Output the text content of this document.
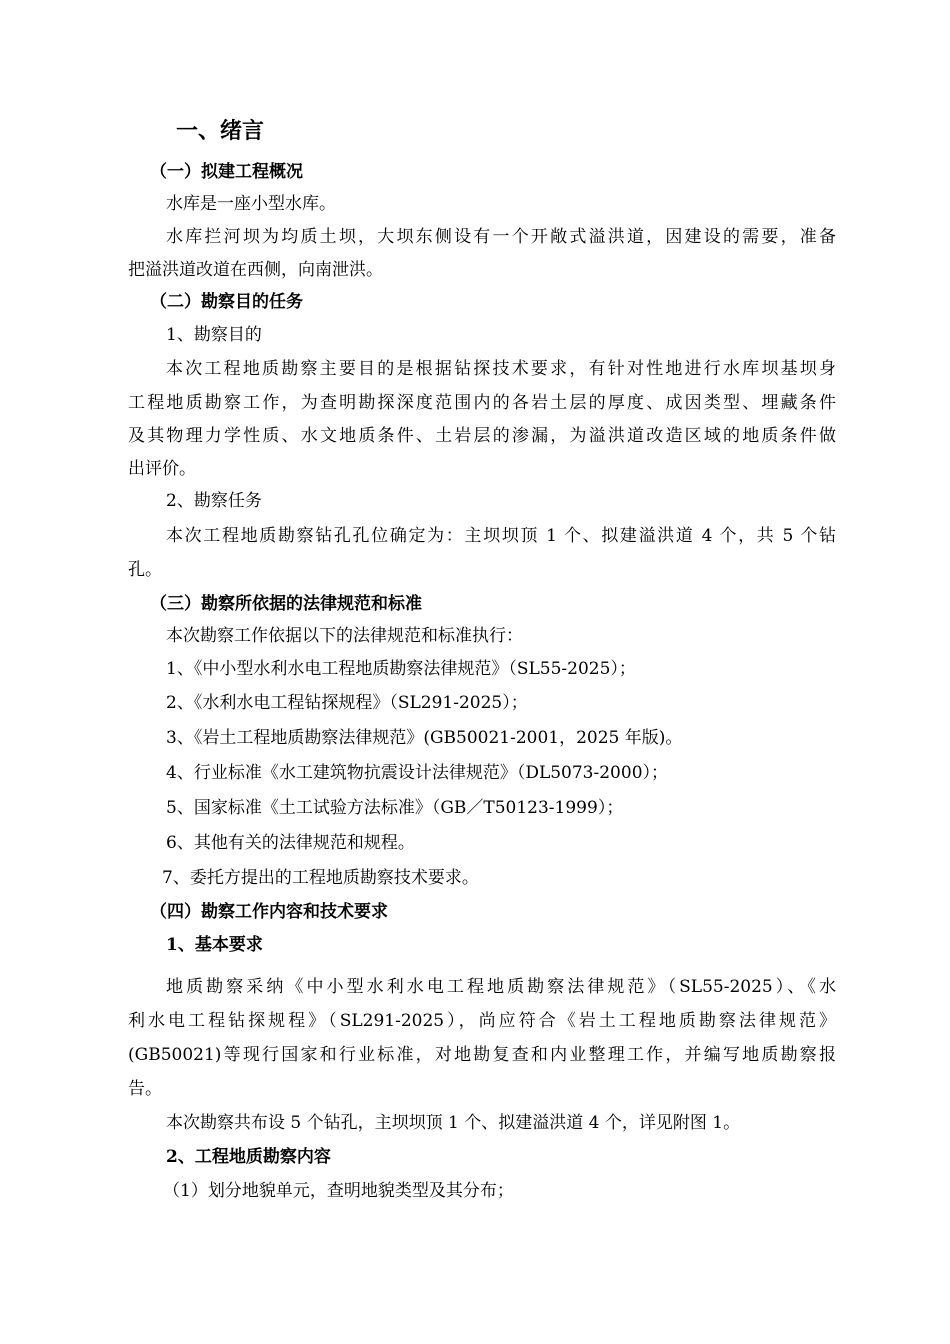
一、绪言
（一）拟建工程概况
水库是一座小型水库。
水库拦河坝为均质土坝，大坝东侧设有一个开敞式溢洪道，因建设的需要，准备
把溢洪道改道在西侧，向南泄洪。
（二）勘察目的任务
1、勘察目的
本次工程地质勘察主要目的是根据钻探技术要求，有针对性地进行水库坝基坝身
工程地质勘察工作，为查明勘探深度范围内的各岩土层的厚度、成因类型、埋藏条件
及其物理力学性质、水文地质条件、土岩层的渗漏，为溢洪道改造区域的地质条件做
出评价。
2、勘察任务
本次工程地质勘察钻孔孔位确定为：主坝坝顶 1 个、拟建溢洪道 4 个，共 5 个钻
孔。
（三）勘察所依据的法律规范和标准
本次勘察工作依据以下的法律规范和标准执行：
1、《中小型水利水电工程地质勘察法律规范》（SL55-2025）；
2、《水利水电工程钻探规程》（SL291-2025）；
3、《岩土工程地质勘察法律规范》(GB50021-2001，2025 年版)。
4、行业标准《水工建筑物抗震设计法律规范》（DL5073-2000）；
5、国家标准《土工试验方法标准》（GB／T50123-1999）；
6、其他有关的法律规范和规程。
7、委托方提出的工程地质勘察技术要求。
（四）勘察工作内容和技术要求
1、基本要求
地质勘察采纳《中小型水利水电工程地质勘察法律规范》（SL55-2025）、《水
利水电工程钻探规程》（SL291-2025），尚应符合《岩土工程地质勘察法律规范》
(GB50021)等现行国家和行业标准，对地勘复查和内业整理工作，并编写地质勘察报
告。
本次勘察共布设 5 个钻孔，主坝坝顶 1 个、拟建溢洪道 4 个，详见附图 1。
2、工程地质勘察内容
（1）划分地貌单元，查明地貌类型及其分布；
